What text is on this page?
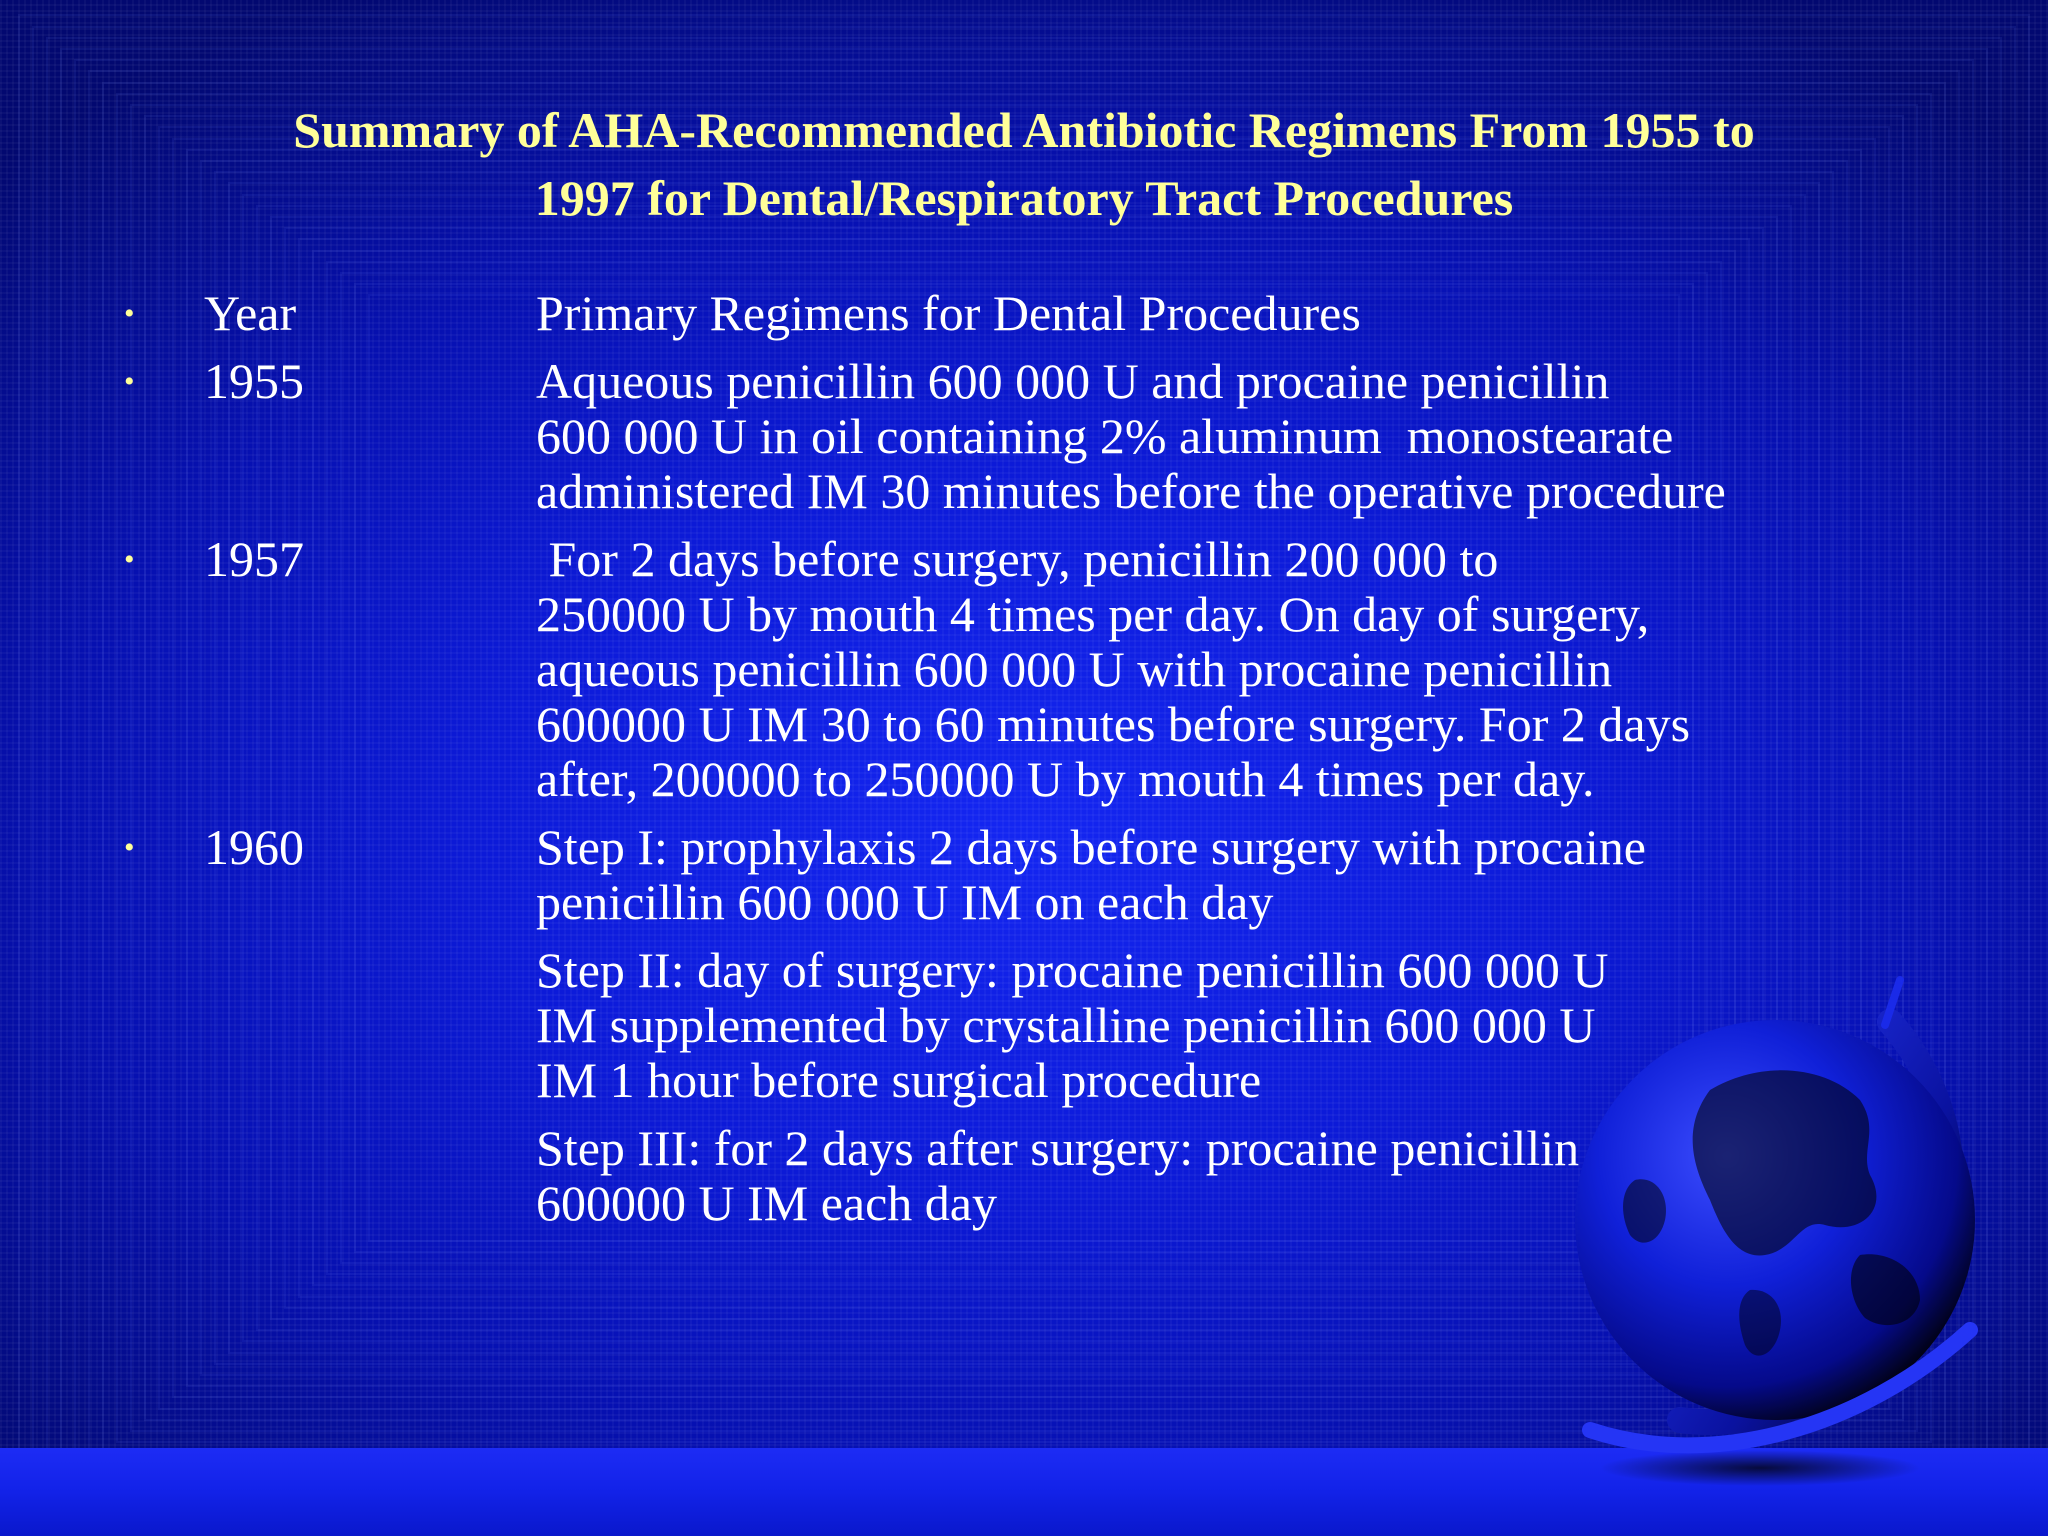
Summary of AHA-Recommended Antibiotic Regimens From 1955 to
1997 for Dental/Respiratory Tract Procedures
• Year	Primary Regimens for Dental Procedures
• 1955	Aqueous penicillin 600 000 U and procaine penicillin
600 000 U in oil containing 2% aluminum  monostearate
administered IM 30 minutes before the operative procedure
• 1957	For 2 days before surgery, penicillin 200 000 to
250000 U by mouth 4 times per day. On day of surgery,
aqueous penicillin 600 000 U with procaine penicillin
600000 U IM 30 to 60 minutes before surgery. For 2 days
after, 200000 to 250000 U by mouth 4 times per day.
• 1960	Step I: prophylaxis 2 days before surgery with procaine
penicillin 600 000 U IM on each day
Step II: day of surgery: procaine penicillin 600 000 U
IM supplemented by crystalline penicillin 600 000 U
IM 1 hour before surgical procedure
Step III: for 2 days after surgery: procaine penicillin
600000 U IM each day
